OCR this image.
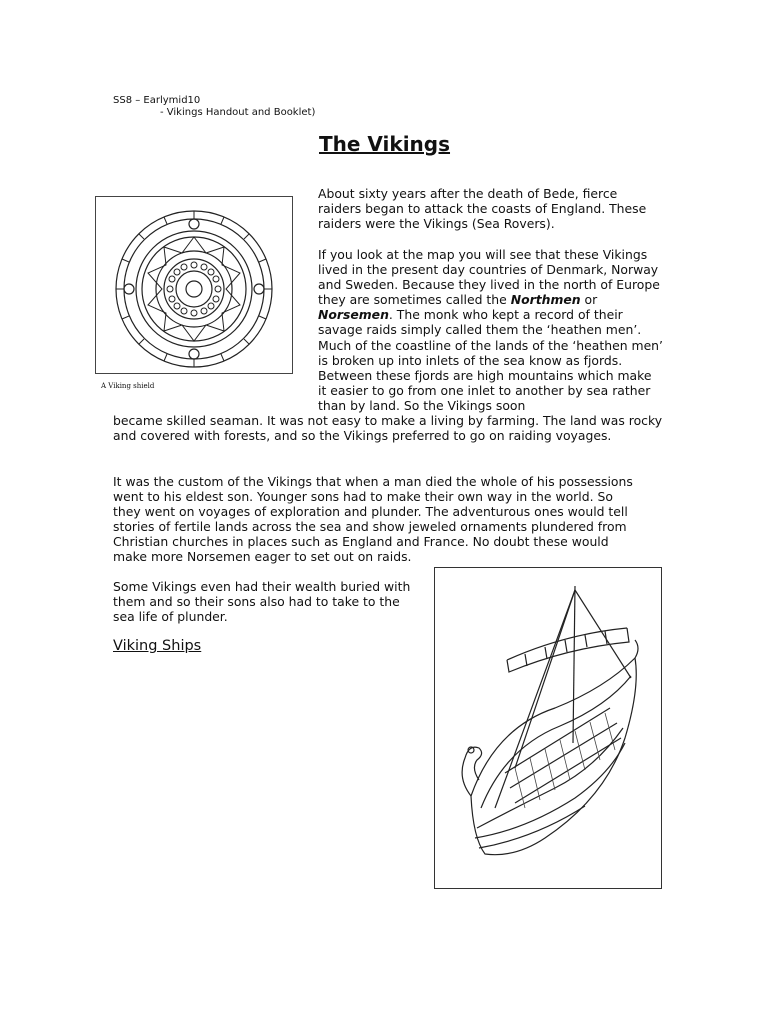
SS8 – Earlymid10
- Vikings Handout and Booklet)
The Vikings
A Viking shield

About sixty years after the death of Bede, fierce raiders began to attack the coasts of England. These raiders were the Vikings (Sea Rovers).

If you look at the map you will see that these Vikings lived in the present day countries of Denmark, Norway and Sweden. Because they lived in the north of Europe they are sometimes called the Northmen or Norsemen. The monk who kept a record of their savage raids simply called them the ‘heathen men’. Much of the coastline of the lands of the ‘heathen men’ is broken up into inlets of the sea know as fjords. Between these fjords are high mountains which make it easier to go from one inlet to another by sea rather than by land. So the Vikings soon

became skilled seaman. It was not easy to make a living by farming. The land was rocky and covered with forests, and so the Vikings preferred to go on raiding voyages.

It was the custom of the Vikings that when a man died the whole of his possessions went to his eldest son. Younger sons had to make their own way in the world. So they went on voyages of exploration and plunder. The adventurous ones would tell stories of fertile lands across the sea and show jeweled ornaments plundered from Christian churches in places such as England and France. No doubt these would make more Norsemen eager to set out on raids.

Some Vikings even had their wealth buried with them and so their sons also had to take to the sea life of plunder.

Viking Ships
